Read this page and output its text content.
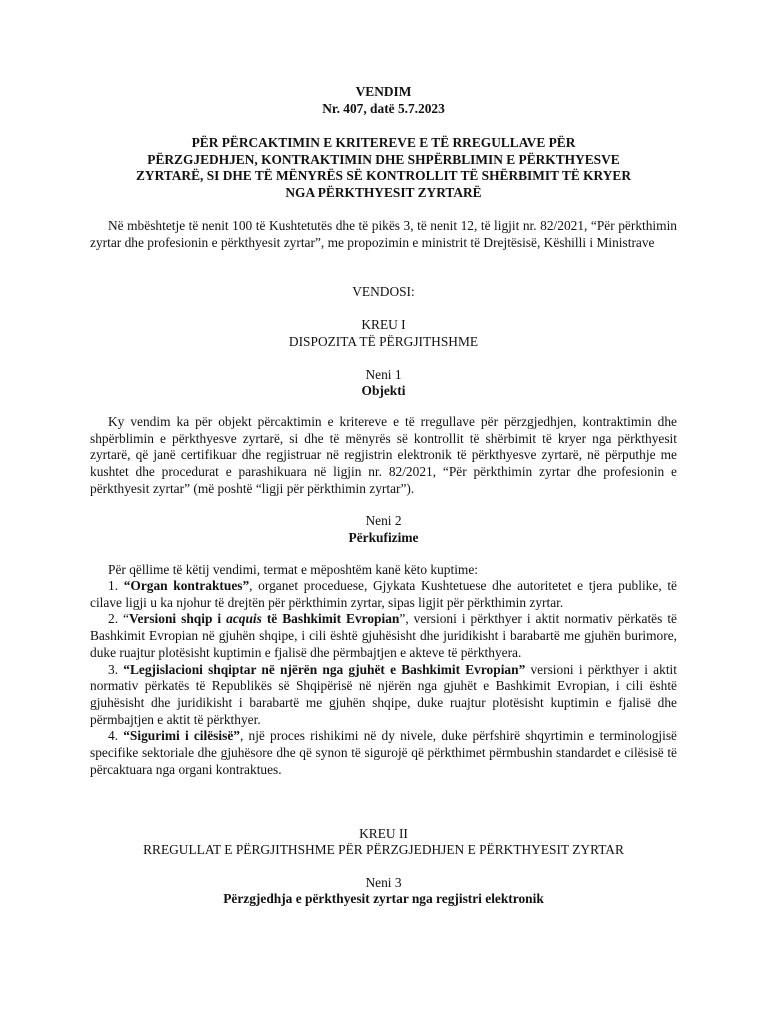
VENDIM

Nr. 407, datë 5.7.2023

PËR PËRCAKTIMIN E KRITEREVE E TË RREGULLAVE PËR
PËRZGJEDHJEN, KONTRAKTIMIN DHE SHPËRBLIMIN E PËRKTHYESVE
ZYRTARË, SI DHE TË MËNYRËS SË KONTROLLIT TË SHËRBIMIT TË KRYER
NGA PËRKTHYESIT ZYRTARË

Në mbështetje të nenit 100 të Kushtetutës dhe të pikës 3, të nenit 12, të ligjit nr. 82/2021, “Për përkthimin zyrtar dhe profesionin e përkthyesit zyrtar”, me propozimin e ministrit të Drejtësisë, Këshilli i Ministrave

VENDOSI:

KREU I

DISPOZITA TË PËRGJITHSHME

Neni 1

Objekti

Ky vendim ka për objekt përcaktimin e kritereve e të rregullave për përzgjedhjen, kontraktimin dhe shpërblimin e përkthyesve zyrtarë, si dhe të mënyrës së kontrollit të shërbimit të kryer nga përkthyesit zyrtarë, që janë certifikuar dhe regjistruar në regjistrin elektronik të përkthyesve zyrtarë, në përputhje me kushtet dhe procedurat e parashikuara në ligjin nr. 82/2021, “Për përkthimin zyrtar dhe profesionin e përkthyesit zyrtar” (më poshtë “ligji për përkthimin zyrtar”).

Neni 2

Përkufizime

Për qëllime të këtij vendimi, termat e mëposhtëm kanë këto kuptime:

1. “Organ kontraktues”, organet proceduese, Gjykata Kushtetuese dhe autoritetet e tjera publike, të cilave ligji u ka njohur të drejtën për përkthimin zyrtar, sipas ligjit për përkthimin zyrtar.

2. “Versioni shqip i acquis të Bashkimit Evropian”, versioni i përkthyer i aktit normativ përkatës të Bashkimit Evropian në gjuhën shqipe, i cili është gjuhësisht dhe juridikisht i barabartë me gjuhën burimore, duke ruajtur plotësisht kuptimin e fjalisë dhe përmbajtjen e akteve të përkthyera.

3. “Legjislacioni shqiptar në njërën nga gjuhët e Bashkimit Evropian” versioni i përkthyer i aktit normativ përkatës të Republikës së Shqipërisë në njërën nga gjuhët e Bashkimit Evropian, i cili është gjuhësisht dhe juridikisht i barabartë me gjuhën shqipe, duke ruajtur plotësisht kuptimin e fjalisë dhe përmbajtjen e aktit të përkthyer.

4. “Sigurimi i cilësisë”, një proces rishikimi në dy nivele, duke përfshirë shqyrtimin e terminologjisë specifike sektoriale dhe gjuhësore dhe që synon të sigurojë që përkthimet përmbushin standardet e cilësisë të përcaktuara nga organi kontraktues.

KREU II

RREGULLAT E PËRGJITHSHME PËR PËRZGJEDHJEN E PËRKTHYESIT ZYRTAR

Neni 3

Përzgjedhja e përkthyesit zyrtar nga regjistri elektronik
